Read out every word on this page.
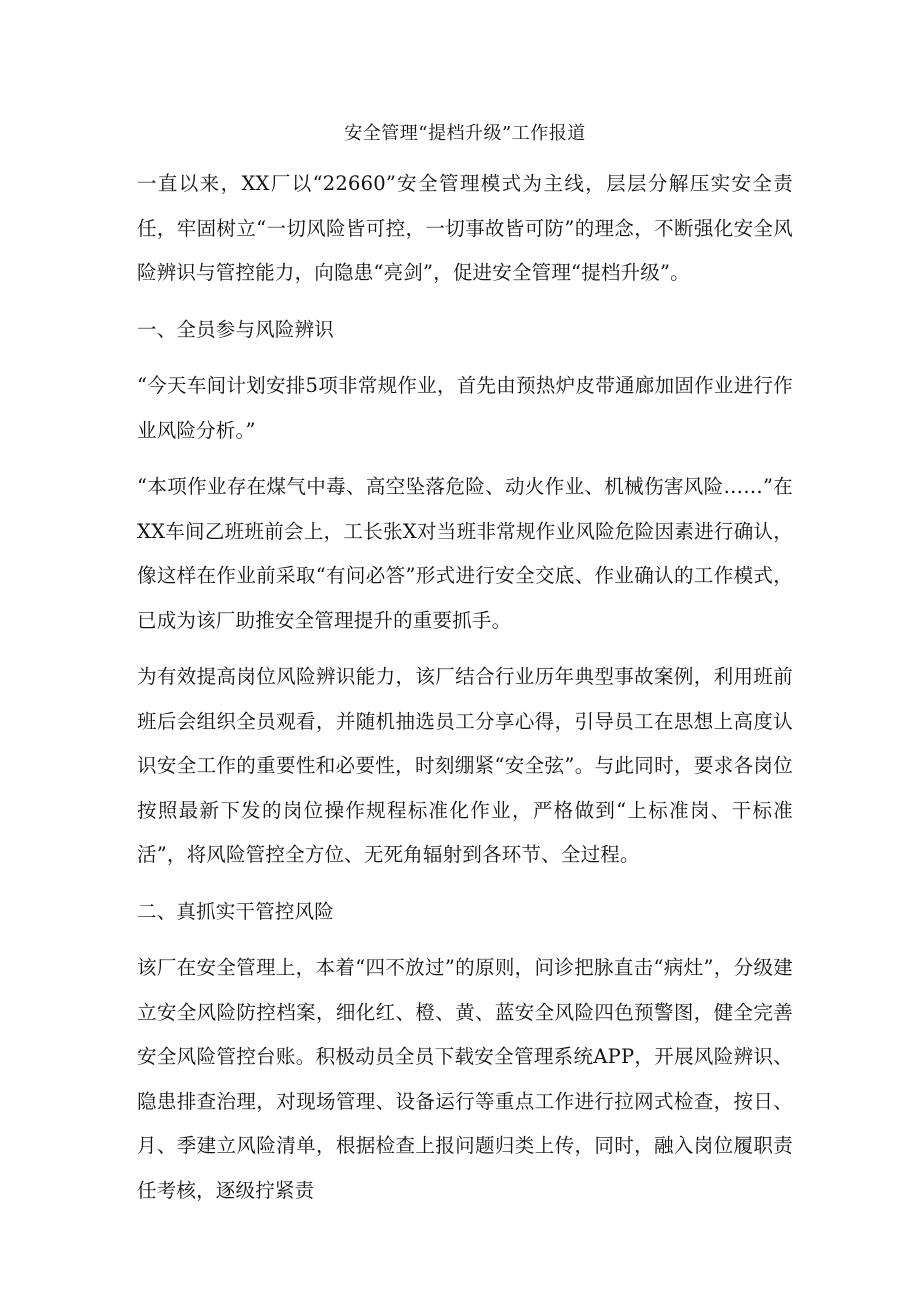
安全管理“提档升级”工作报道

一直以来，XX厂以“22660”安全管理模式为主线，层层分解压实安全责任，牢固树立“一切风险皆可控，一切事故皆可防”的理念，不断强化安全风险辨识与管控能力，向隐患“亮剑”，促进安全管理“提档升级”。

一、全员参与风险辨识

“今天车间计划安排5项非常规作业，首先由预热炉皮带通廊加固作业进行作业风险分析。”

“本项作业存在煤气中毒、高空坠落危险、动火作业、机械伤害风险……”在XX车间乙班班前会上，工长张X对当班非常规作业风险危险因素进行确认，像这样在作业前采取“有问必答”形式进行安全交底、作业确认的工作模式，已成为该厂助推安全管理提升的重要抓手。

为有效提高岗位风险辨识能力，该厂结合行业历年典型事故案例，利用班前班后会组织全员观看，并随机抽选员工分享心得，引导员工在思想上高度认识安全工作的重要性和必要性，时刻绷紧“安全弦”。与此同时，要求各岗位按照最新下发的岗位操作规程标准化作业，严格做到“上标准岗、干标准活”，将风险管控全方位、无死角辐射到各环节、全过程。

二、真抓实干管控风险

该厂在安全管理上，本着“四不放过”的原则，问诊把脉直击“病灶”，分级建立安全风险防控档案，细化红、橙、黄、蓝安全风险四色预警图，健全完善安全风险管控台账。积极动员全员下载安全管理系统APP，开展风险辨识、隐患排查治理，对现场管理、设备运行等重点工作进行拉网式检查，按日、月、季建立风险清单，根据检查上报问题归类上传，同时，融入岗位履职责任考核，逐级拧紧责
